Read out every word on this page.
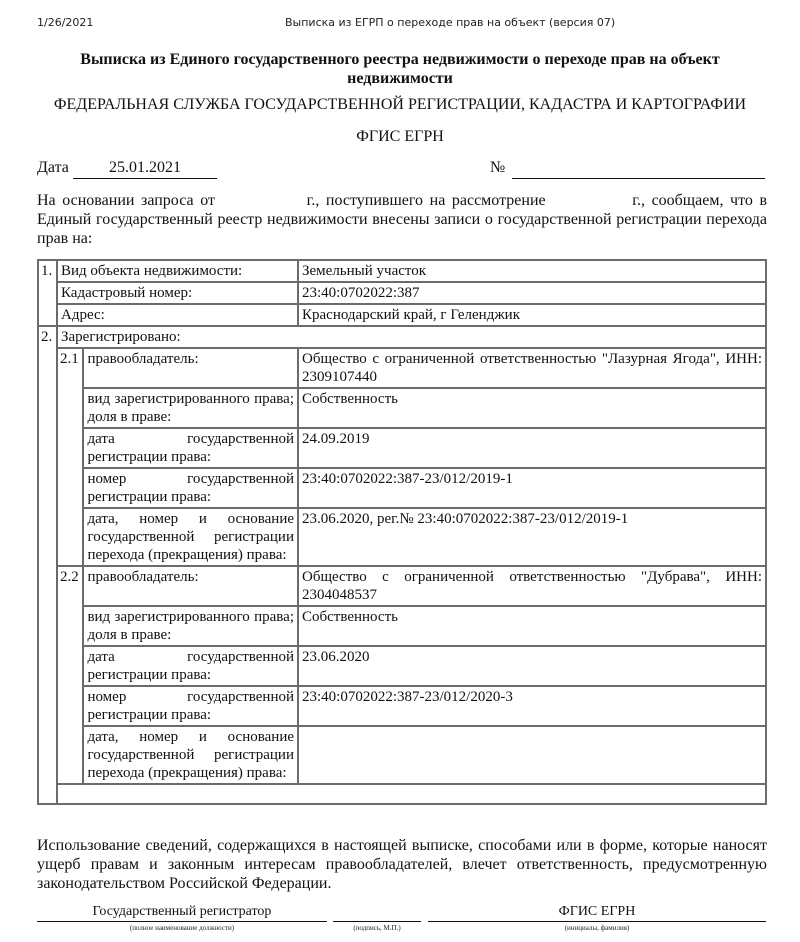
1/26/2021	Выписка из ЕГРП о переходе прав на объект (версия 07)
Выписка из Единого государственного реестра недвижимости о переходе прав на объект недвижимости
ФЕДЕРАЛЬНАЯ СЛУЖБА ГОСУДАРСТВЕННОЙ РЕГИСТРАЦИИ, КАДАСТРА И КАРТОГРАФИИ
ФГИС ЕГРН
Дата	25.01.2021	№

На основании запроса от	г., поступившего на рассмотрение	г., сообщаем, что в Единый государственный реестр недвижимости внесены записи о государственной регистрации перехода прав на:

1.	Вид объекта недвижимости:		Земельный участок
	Кадастровый номер:		23:40:0702022:387
	Адрес:		Краснодарский край, г Геленджик
2.	Зарегистрировано:		
	2.1	правообладатель:	Общество с ограниченной ответственностью "Лазурная Ягода", ИНН: 2309107440
		вид зарегистрированного права; доля в праве:	Собственность
		дата государственной регистрации права:	24.09.2019
		номер государственной регистрации права:	23:40:0702022:387-23/012/2019-1
		дата, номер и основание государственной регистрации перехода (прекращения) права:	23.06.2020, рег.№ 23:40:0702022:387-23/012/2019-1
	2.2	правообладатель:	Общество с ограниченной ответственностью "Дубрава", ИНН: 2304048537
		вид зарегистрированного права; доля в праве:	Собственность
		дата государственной регистрации права:	23.06.2020
		номер государственной регистрации права:	23:40:0702022:387-23/012/2020-3
		дата, номер и основание государственной регистрации перехода (прекращения) права:	

Использование сведений, содержащихся в настоящей выписке, способами или в форме, которые наносят ущерб правам и законным интересам правообладателей, влечет ответственность, предусмотренную законодательством Российской Федерации.
Государственный регистратор
(полное наименование должности)	(подпись, М.П.)
ФГИС ЕГРН
(инициалы, фамилия)
